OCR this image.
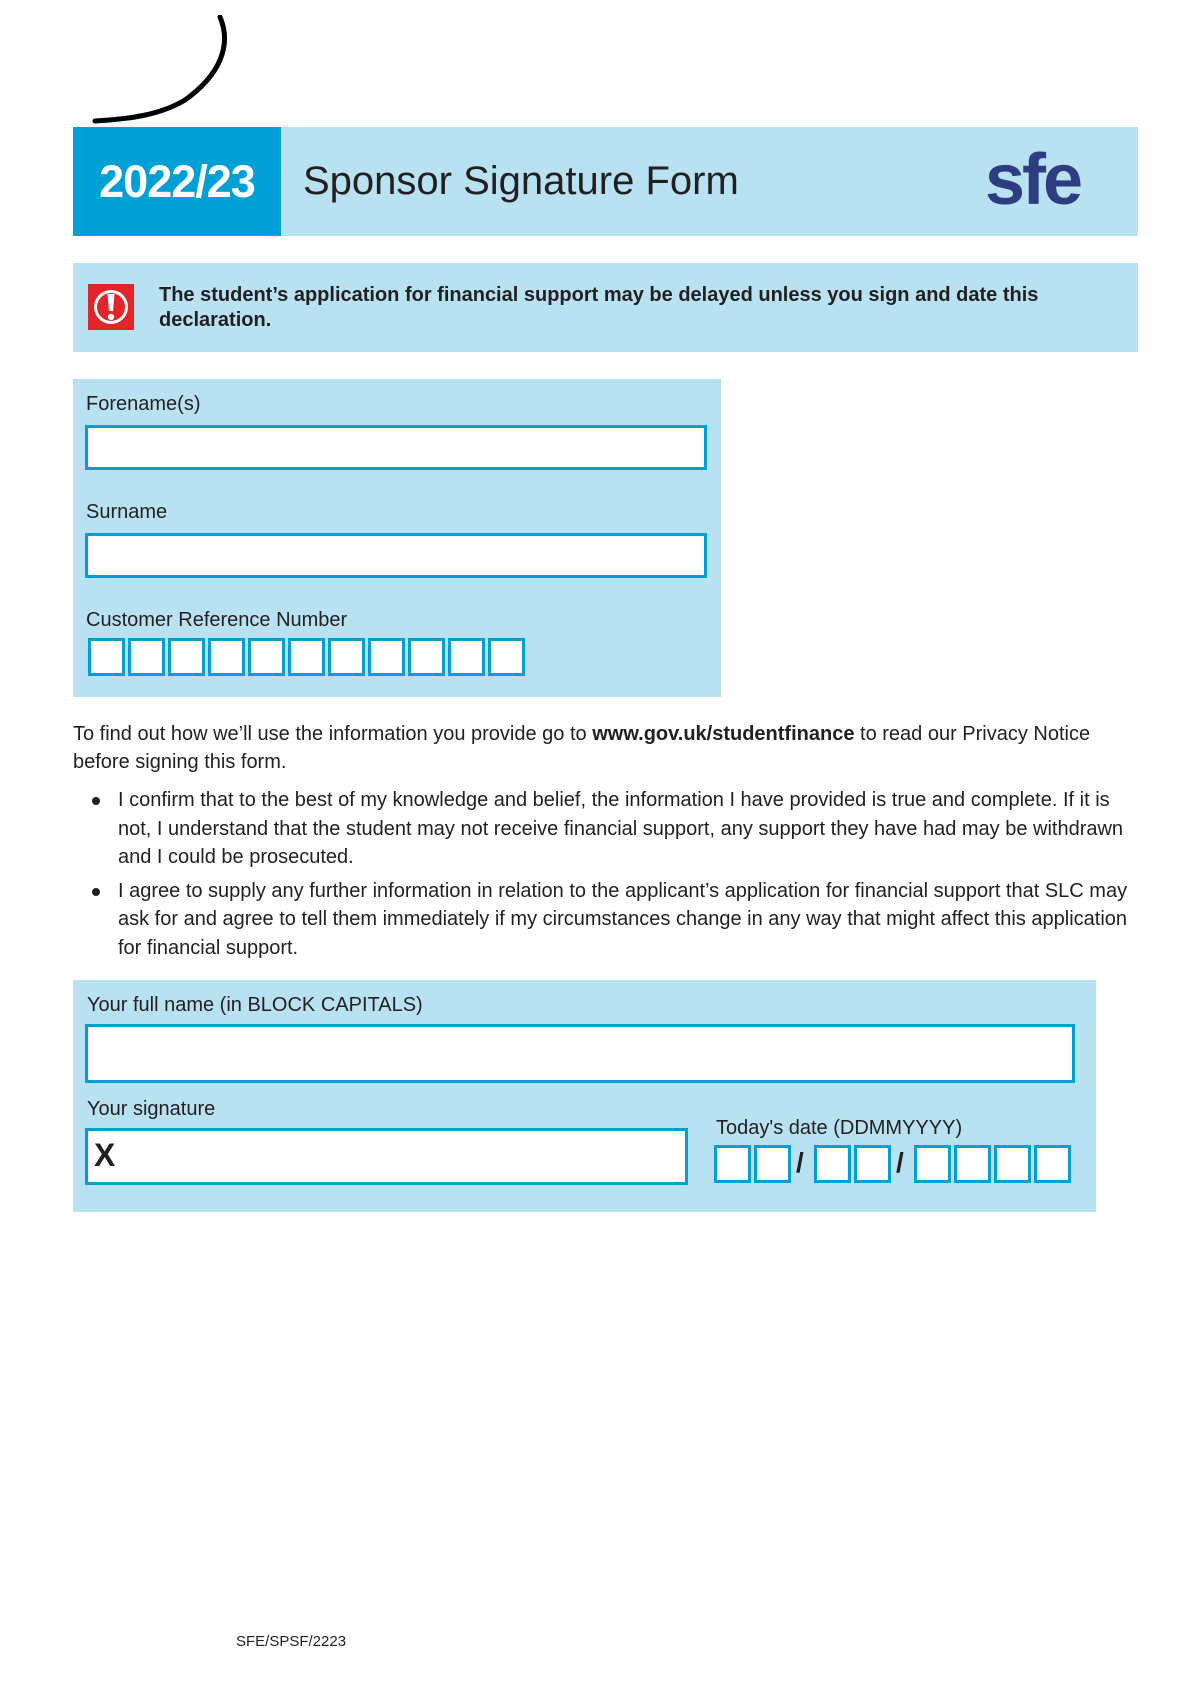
2022/23	Sponsor Signature Form	sfe
The student’s application for financial support may be delayed unless you sign and date this declaration.
Forename(s)
Surname
Customer Reference Number

To find out how we’ll use the information you provide go to www.gov.uk/studentfinance to read our Privacy Notice before signing this form.

I confirm that to the best of my knowledge and belief, the information I have provided is true and complete. If it is not, I understand that the student may not receive financial support, any support they have had may be withdrawn and I could be prosecuted.
I agree to supply any further information in relation to the applicant’s application for financial support that SLC may ask for and agree to tell them immediately if my circumstances change in any way that might affect this application for financial support.
Your full name (in BLOCK CAPITALS)
Your signature
X
Today's date (DDMMYYYY)
/	/
SFE/SPSF/2223
